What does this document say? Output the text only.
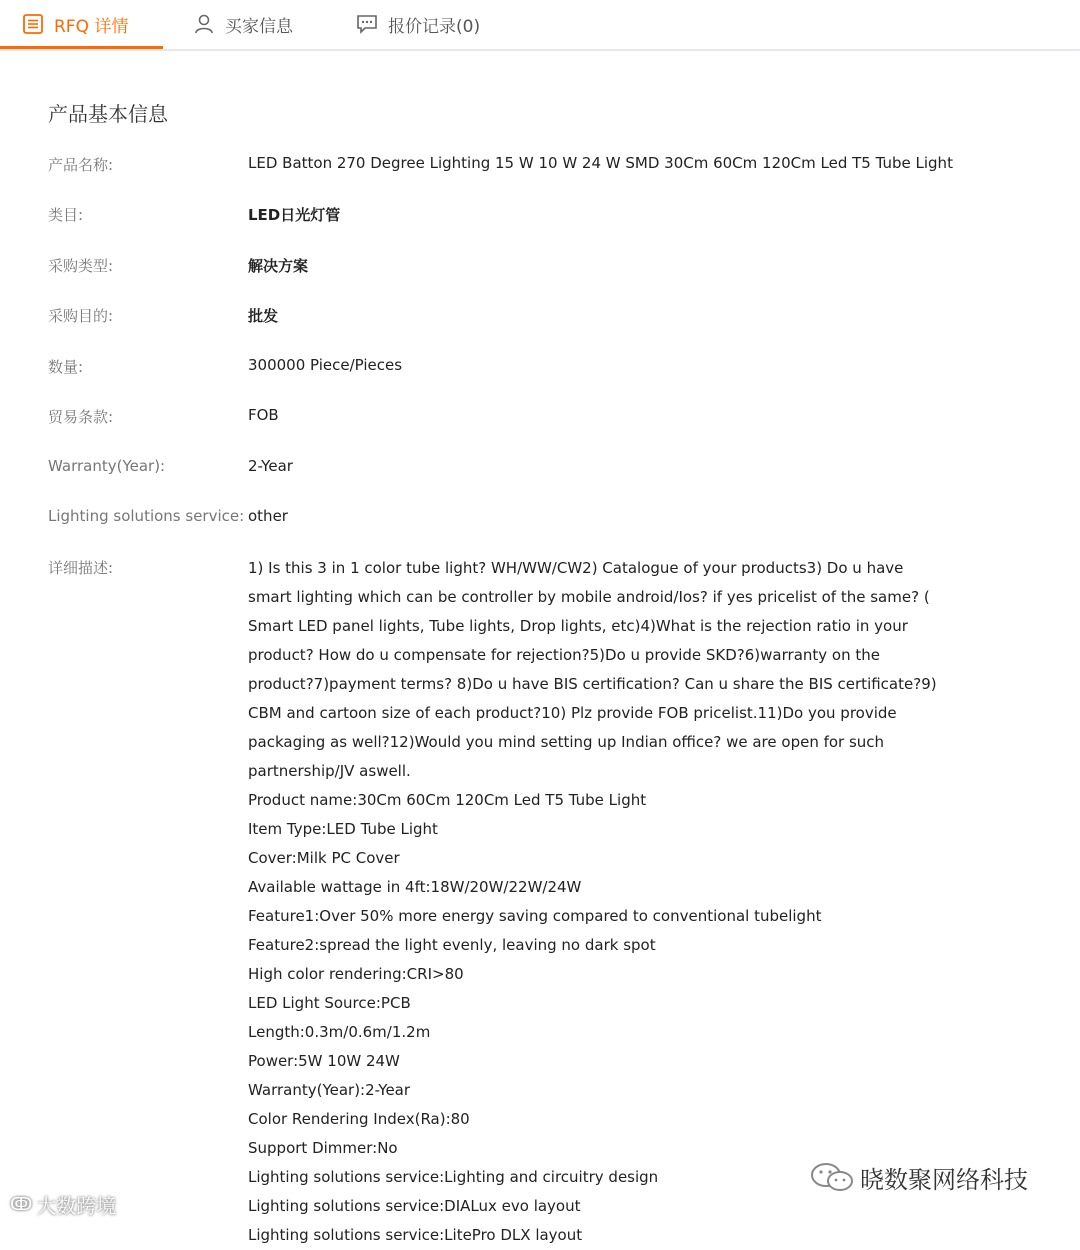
RFQ 详情	买家信息	报价记录(0)
产品基本信息
产品名称:	LED Batton 270 Degree Lighting 15 W 10 W 24 W SMD 30Cm 60Cm 120Cm Led T5 Tube Light
类目:	LED日光灯管
采购类型:	解决方案
采购目的:	批发
数量:	300000 Piece/Pieces
贸易条款:	FOB
Warranty(Year):	2-Year
Lighting solutions service: other
详细描述:	1) Is this 3 in 1 color tube light? WH/WW/CW2) Catalogue of your products3) Do u have smart lighting which can be controller by mobile android/Ios? if yes pricelist of the same? ( Smart LED panel lights, Tube lights, Drop lights, etc)4)What is the rejection ratio in your product? How do u compensate for rejection?5)Do u provide SKD?6)warranty on the product?7)payment terms? 8)Do u have BIS certification? Can u share the BIS certificate?9) CBM and cartoon size of each product?10) Plz provide FOB pricelist.11)Do you provide packaging as well?12)Would you mind setting up Indian office? we are open for such partnership/JV aswell.

Product name:30Cm 60Cm 120Cm Led T5 Tube Light

Item Type:LED Tube Light

Cover:Milk PC Cover

Available wattage in 4ft:18W/20W/22W/24W

Feature1:Over 50% more energy saving compared to conventional tubelight

Feature2:spread the light evenly, leaving no dark spot

High color rendering:CRI>80

LED Light Source:PCB

Length:0.3m/0.6m/1.2m

Power:5W 10W 24W

Warranty(Year):2-Year

Color Rendering Index(Ra):80

Support Dimmer:No

Lighting solutions service:Lighting and circuitry design

Lighting solutions service:DIALux evo layout

Lighting solutions service:LitePro DLX layout

ↂ 大数跨境
晓数聚网络科技
